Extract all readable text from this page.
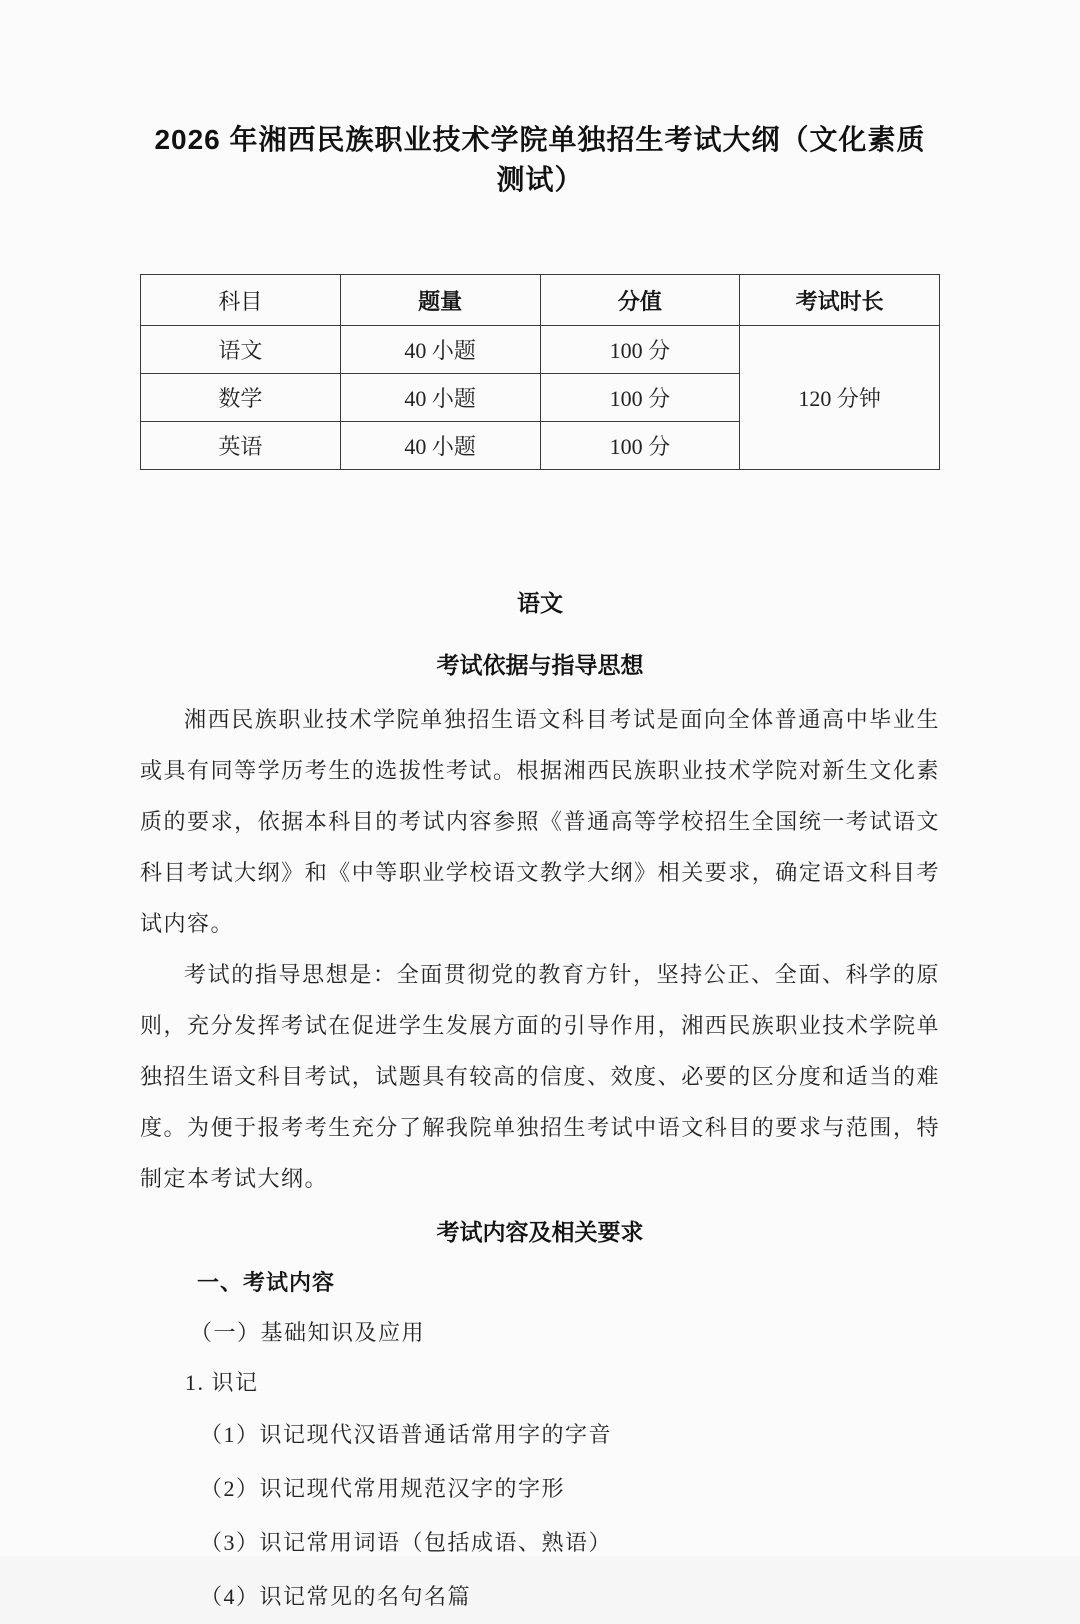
2026 年湘西民族职业技术学院单独招生考试大纲（文化素质测试）
科目	题量	分值	考试时长
语文	40 小题	100 分	120 分钟
数学	40 小题	100 分	
英语	40 小题	100 分	
语文
考试依据与指导思想

湘西民族职业技术学院单独招生语文科目考试是面向全体普通高中毕业生或具有同等学历考生的选拔性考试。根据湘西民族职业技术学院对新生文化素质的要求，依据本科目的考试内容参照《普通高等学校招生全国统一考试语文科目考试大纲》和《中等职业学校语文教学大纲》相关要求，确定语文科目考试内容。

考试的指导思想是：全面贯彻党的教育方针，坚持公正、全面、科学的原则，充分发挥考试在促进学生发展方面的引导作用，湘西民族职业技术学院单独招生语文科目考试，试题具有较高的信度、效度、必要的区分度和适当的难度。为便于报考考生充分了解我院单独招生考试中语文科目的要求与范围，特制定本考试大纲。

考试内容及相关要求

一、考试内容

（一）基础知识及应用

1. 识记

（1）识记现代汉语普通话常用字的字音

（2）识记现代常用规范汉字的字形

（3）识记常用词语（包括成语、熟语）

（4）识记常见的名句名篇
